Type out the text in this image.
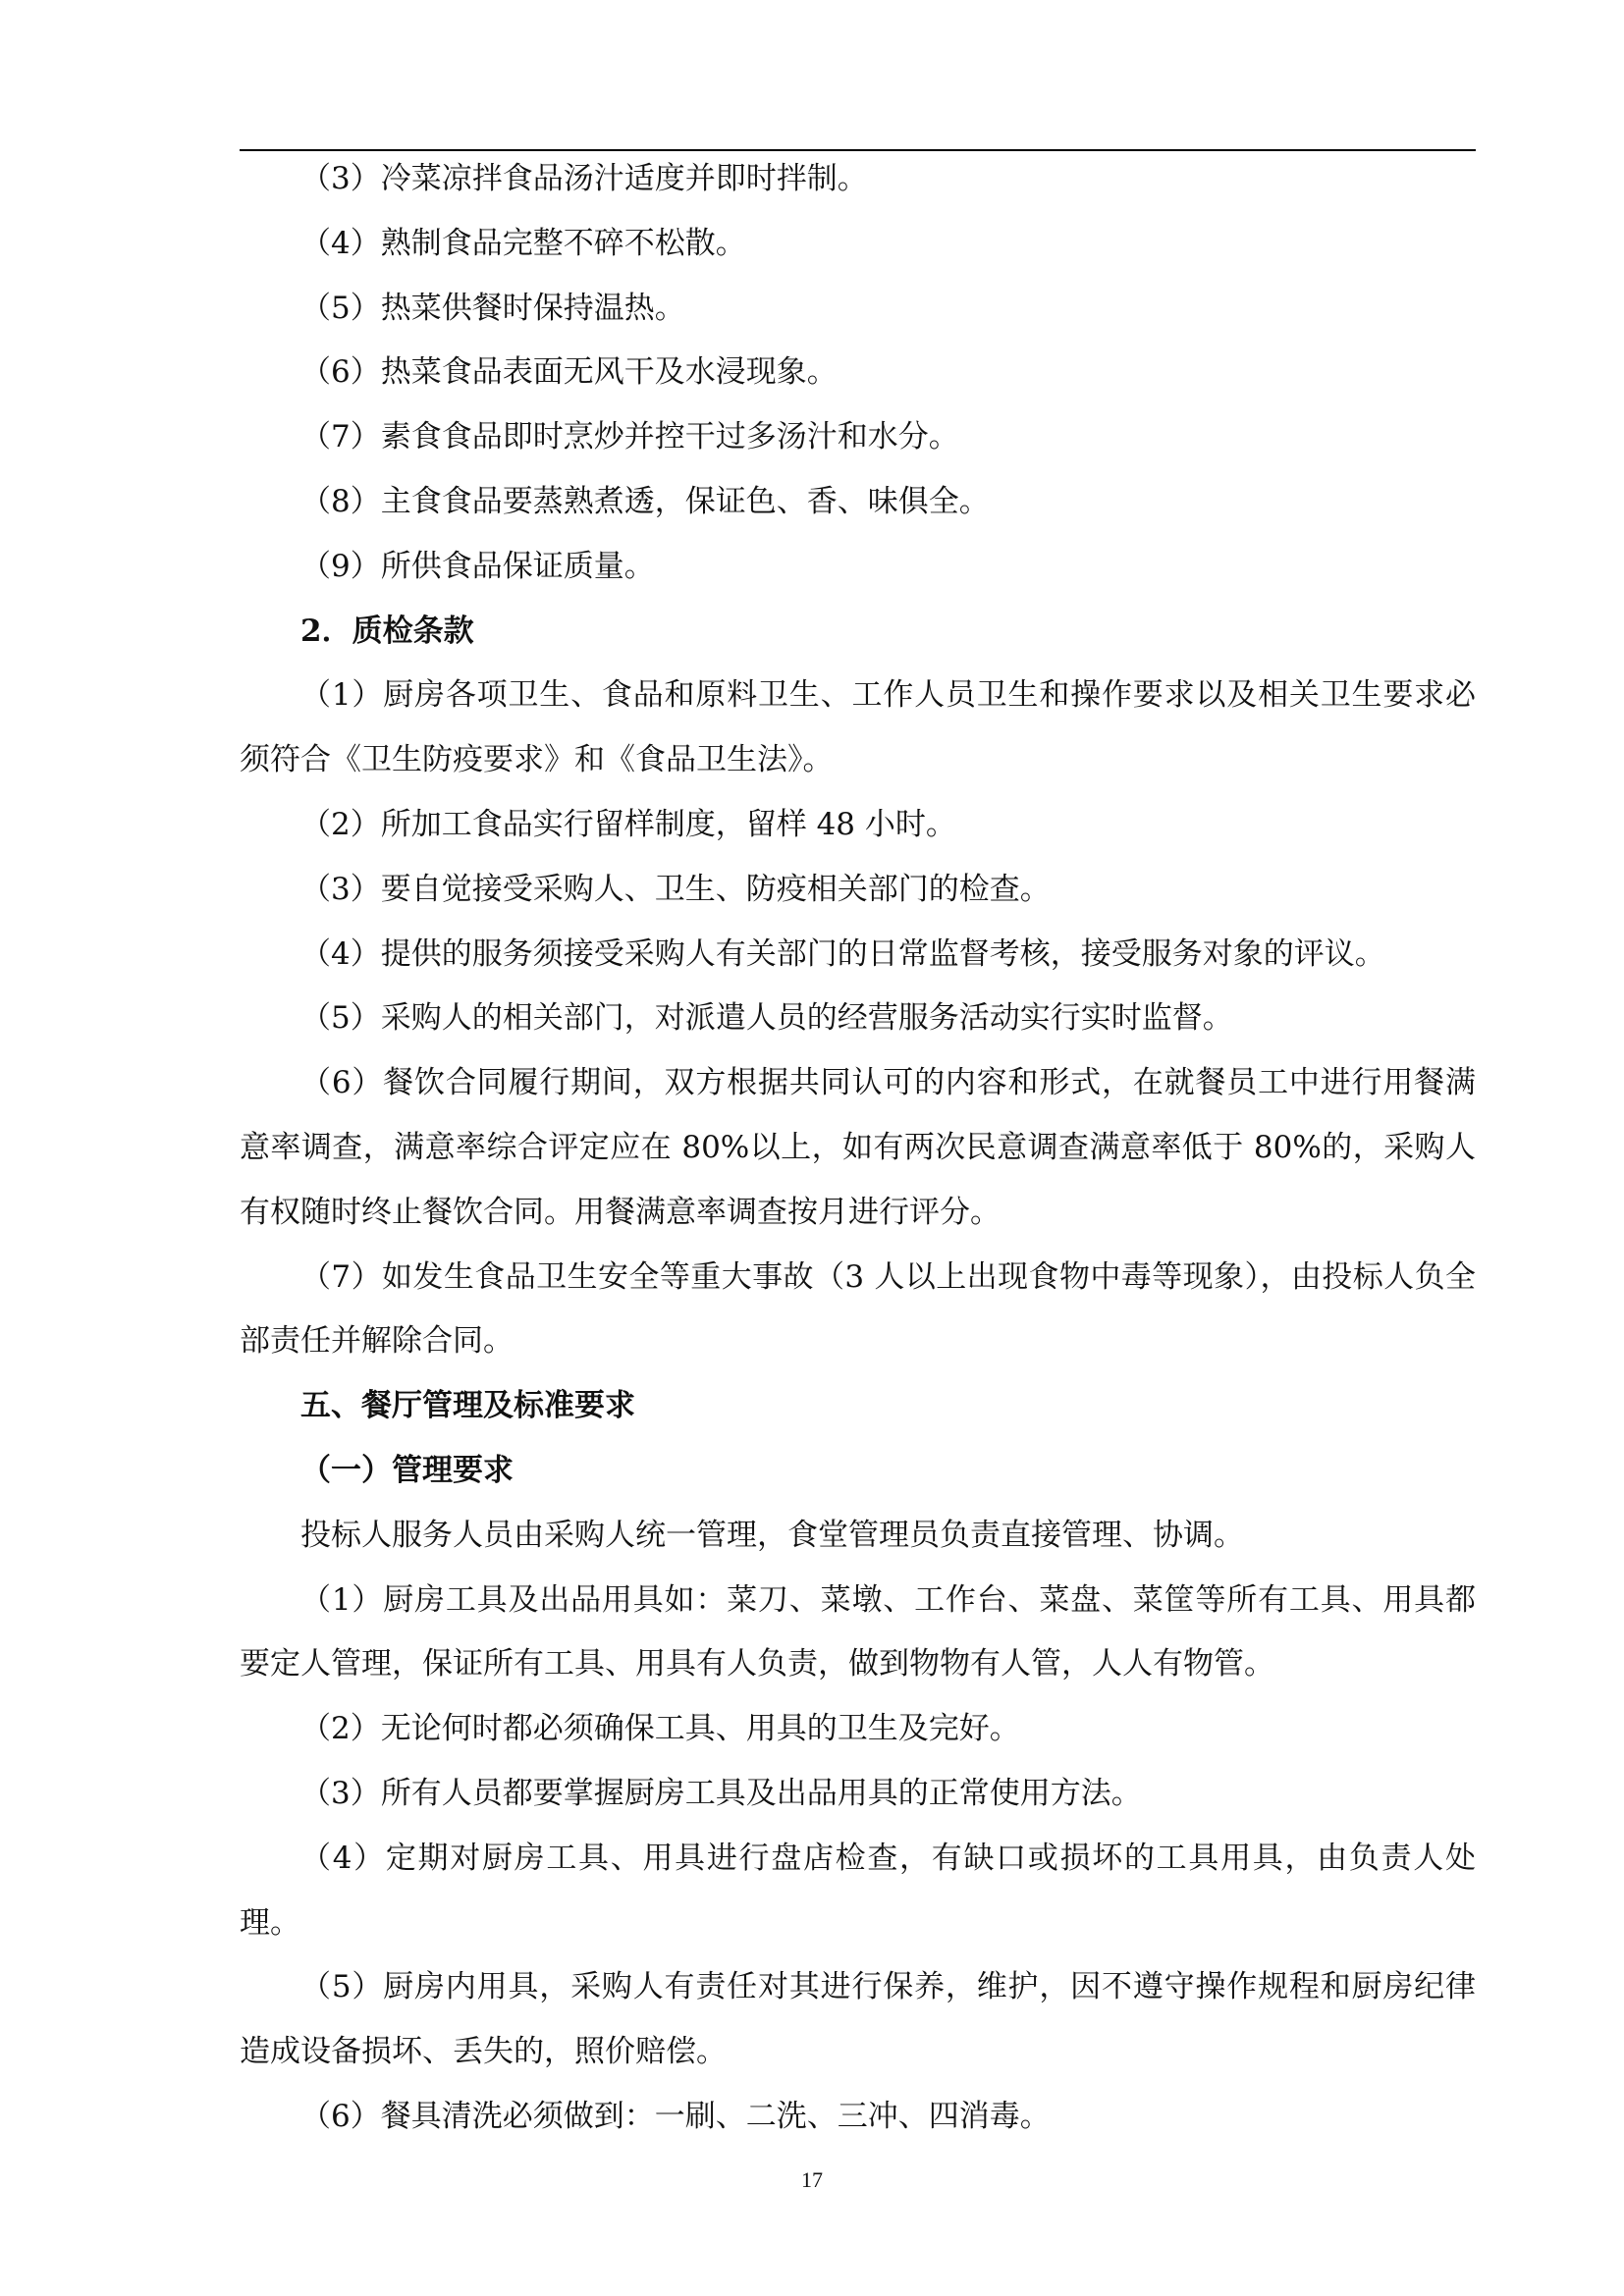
（3）冷菜凉拌食品汤汁适度并即时拌制。

（4）熟制食品完整不碎不松散。

（5）热菜供餐时保持温热。

（6）热菜食品表面无风干及水浸现象。

（7）素食食品即时烹炒并控干过多汤汁和水分。

（8）主食食品要蒸熟煮透，保证色、香、味俱全。

（9）所供食品保证质量。

2．质检条款

（1）厨房各项卫生、食品和原料卫生、工作人员卫生和操作要求以及相关卫生要求必须符合《卫生防疫要求》和《食品卫生法》。

（2）所加工食品实行留样制度，留样 48 小时。

（3）要自觉接受采购人、卫生、防疫相关部门的检查。

（4）提供的服务须接受采购人有关部门的日常监督考核，接受服务对象的评议。

（5）采购人的相关部门，对派遣人员的经营服务活动实行实时监督。

（6）餐饮合同履行期间，双方根据共同认可的内容和形式，在就餐员工中进行用餐满意率调查，满意率综合评定应在 80%以上，如有两次民意调查满意率低于 80%的，采购人有权随时终止餐饮合同。用餐满意率调查按月进行评分。

（7）如发生食品卫生安全等重大事故（3 人以上出现食物中毒等现象），由投标人负全部责任并解除合同。

五、餐厅管理及标准要求

（一）管理要求

投标人服务人员由采购人统一管理，食堂管理员负责直接管理、协调。

（1）厨房工具及出品用具如：菜刀、菜墩、工作台、菜盘、菜筐等所有工具、用具都要定人管理，保证所有工具、用具有人负责，做到物物有人管，人人有物管。

（2）无论何时都必须确保工具、用具的卫生及完好。

（3）所有人员都要掌握厨房工具及出品用具的正常使用方法。

（4）定期对厨房工具、用具进行盘店检查，有缺口或损坏的工具用具，由负责人处理。

（5）厨房内用具，采购人有责任对其进行保养，维护，因不遵守操作规程和厨房纪律造成设备损坏、丢失的，照价赔偿。

（6）餐具清洗必须做到：一刷、二洗、三冲、四消毒。

17
